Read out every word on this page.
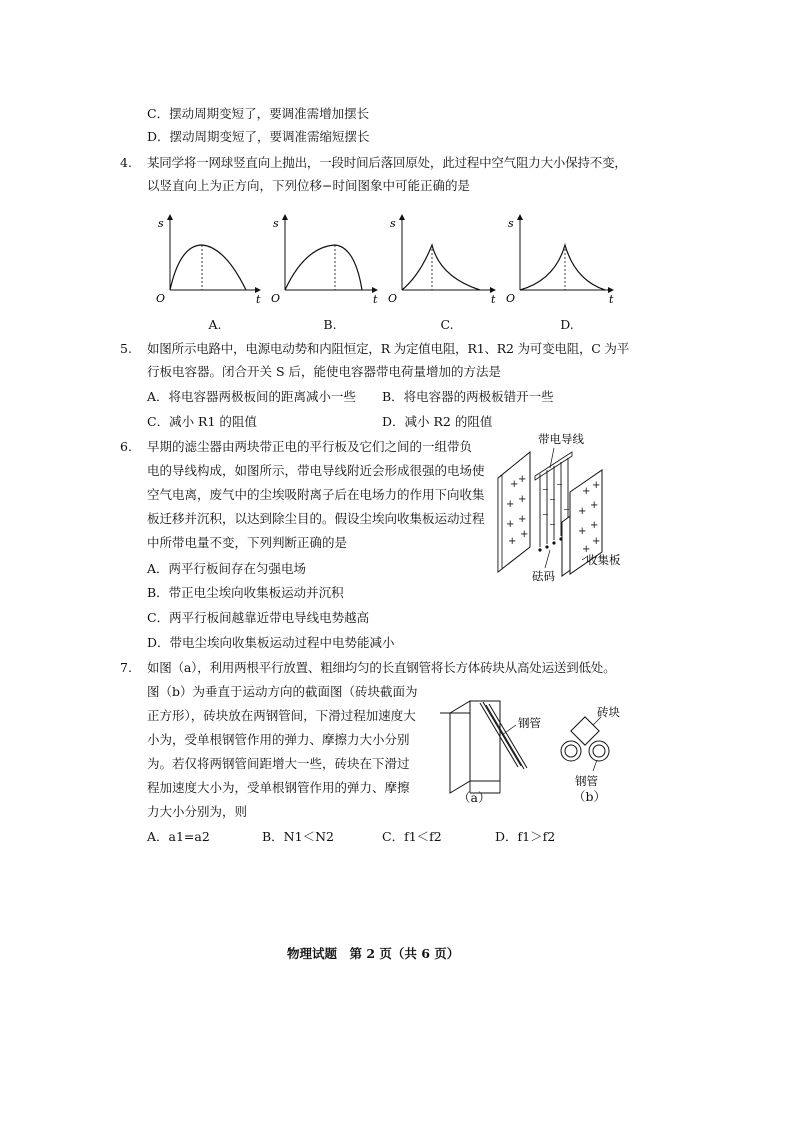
C．摆动周期变短了，要调准需增加摆长
D．摆动周期变短了，要调准需缩短摆长
4. 某同学将一网球竖直向上抛出，一段时间后落回原处，此过程中空气阻力大小保持不变，
以竖直向上为正方向，下列位移−时间图象中可能正确的是
s
t
O
s
t
O
s
t
O
s
t
O
A.	B.	C.	D.
5. 如图所示电路中，电源电动势和内阻恒定，R 为定值电阻，R1、R2 为可变电阻，C 为平
行板电容器。闭合开关 S 后，能使电容器带电荷量增加的方法是
A．将电容器两极板间的距离减小一些 B．将电容器的两极板错开一些
C．减小 R1 的阻值	D．减小 R2 的阻值
6. 早期的滤尘器由两块带正电的平行板及它们之间的一组带负
电的导线构成，如图所示，带电导线附近会形成很强的电场使
空气电离，废气中的尘埃吸附离子后在电场力的作用下向收集
板迁移并沉积，以达到除尘目的。假设尘埃向收集板运动过程
中所带电量不变，下列判断正确的是
A．两平行板间存在匀强电场
B．带正电尘埃向收集板运动并沉积
C．两平行板间越靠近带电导线电势越高
D．带电尘埃向收集板运动过程中电势能减小
+ +
+ +
+ +
+
+
−
−
−
−
−
−
+
+
+
+
+
+
+
+
带电导线
砝码
收集板
7. 如图（a），利用两根平行放置、粗细均匀的长直钢管将长方体砖块从高处运送到低处。
图（b）为垂直于运动方向的截面图（砖块截面为
正方形），砖块放在两钢管间，下滑过程加速度大
小为，受单根钢管作用的弹力、摩擦力大小分别
为。若仅将两钢管间距增大一些，砖块在下滑过
程加速度大小为，受单根钢管作用的弹力、摩擦
力大小分别为，则
钢管
（a）
砖块
钢管
（b）
A．a1=a2	B．N1＜N2	C．f1＜f2	D．f1＞f2
物理试题　第 2 页（共 6 页）
